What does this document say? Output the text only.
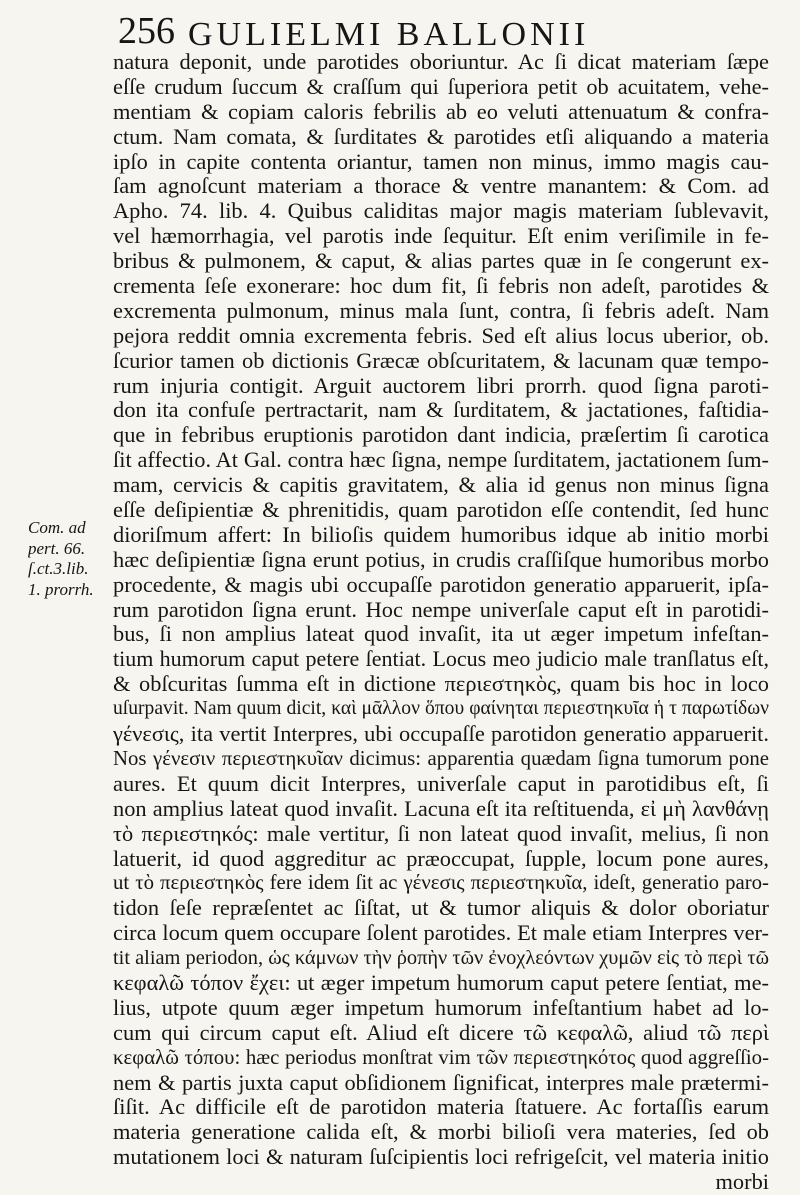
256 GULIELMI BALLONII
Com. ad
pert. 66.
ſ.ct.3.lib.
1. prorrh.
natura deponit, unde parotides oboriuntur. Ac ſi dicat materiam ſæpe
eſſe crudum ſuccum & craſſum qui ſuperiora petit ob acuitatem, vehe-
mentiam & copiam caloris febrilis ab eo veluti attenuatum & confra-
ctum. Nam comata, & ſurditates & parotides etſi aliquando a materia
ipſo in capite contenta oriantur, tamen non minus, immo magis cau-
ſam agnoſcunt materiam a thorace & ventre manantem: & Com. ad
Apho. 74. lib. 4. Quibus caliditas major magis materiam ſublevavit,
vel hæmorrhagia, vel parotis inde ſequitur. Eſt enim veriſimile in fe-
bribus & pulmonem, & caput, & alias partes quæ in ſe congerunt ex-
crementa ſeſe exonerare: hoc dum fit, ſi febris non adeſt, parotides &
excrementa pulmonum, minus mala ſunt, contra, ſi febris adeſt. Nam
pejora reddit omnia excrementa febris. Sed eſt alius locus uberior, ob.
ſcurior tamen ob dictionis Græcæ obſcuritatem, & lacunam quæ tempo-
rum injuria contigit. Arguit auctorem libri prorrh. quod ſigna paroti-
don ita confuſe pertractarit, nam & ſurditatem, & jactationes, faſtidia-
que in febribus eruptionis parotidon dant indicia, præſertim ſi carotica
ſit affectio. At Gal. contra hæc ſigna, nempe ſurditatem, jactationem ſum-
mam, cervicis & capitis gravitatem, & alia id genus non minus ſigna
eſſe deſipientiæ & phrenitidis, quam parotidon eſſe contendit, ſed hunc
dioriſmum affert: In bilioſis quidem humoribus idque ab initio morbi
hæc deſipientiæ ſigna erunt potius, in crudis craſſiſque humoribus morbo
procedente, & magis ubi occupaſſe parotidon generatio apparuerit, ipſa-
rum parotidon ſigna erunt. Hoc nempe univerſale caput eſt in parotidi-
bus, ſi non amplius lateat quod invaſit, ita ut æger impetum infeſtan-
tium humorum caput petere ſentiat. Locus meo judicio male tranſlatus eſt,
& obſcuritas ſumma eſt in dictione περιεστηκὸς, quam bis hoc in loco
uſurpavit. Nam quum dicit, καὶ μᾶλλον ὅπου φαίνηται περιεστηκυῖα ἡ τ παρωτίδων
γένεσις, ita vertit Interpres, ubi occupaſſe parotidon generatio apparuerit.
Nos γένεσιν περιεστηκυῖαν dicimus: apparentia quædam ſigna tumorum pone
aures. Et quum dicit Interpres, univerſale caput in parotidibus eſt, ſi
non amplius lateat quod invaſit. Lacuna eſt ita reſtituenda, εἰ μὴ λανθάνῃ
τὸ περιεστηκός: male vertitur, ſi non lateat quod invaſit, melius, ſi non
latuerit, id quod aggreditur ac præoccupat, ſupple, locum pone aures,
ut τὸ περιεστηκὸς fere idem ſit ac γένεσις περιεστηκυῖα, ideſt, generatio paro-
tidon ſeſe repræſentet ac ſiſtat, ut & tumor aliquis & dolor oboriatur
circa locum quem occupare ſolent parotides. Et male etiam Interpres ver-
tit aliam periodon, ὡς κάμνων τὴν ῥοπὴν τῶν ἐνοχλεόντων χυμῶν εἰς τὸ περὶ τῶ
κεφαλῶ τόπον ἔχει: ut æger impetum humorum caput petere ſentiat, me-
lius, utpote quum æger impetum humorum infeſtantium habet ad lo-
cum qui circum caput eſt. Aliud eſt dicere τῶ κεφαλῶ, aliud τῶ περὶ
κεφαλῶ τόπου: hæc periodus monſtrat vim τῶν περιεστηκότος quod aggreſſio-
nem & partis juxta caput obſidionem ſignificat, interpres male prætermi-
ſiſit. Ac difficile eſt de parotidon materia ſtatuere. Ac fortaſſis earum
materia generatione calida eſt, & morbi bilioſi vera materies, ſed ob
mutationem loci & naturam ſuſcipientis loci refrigeſcit, vel materia initio
morbi
